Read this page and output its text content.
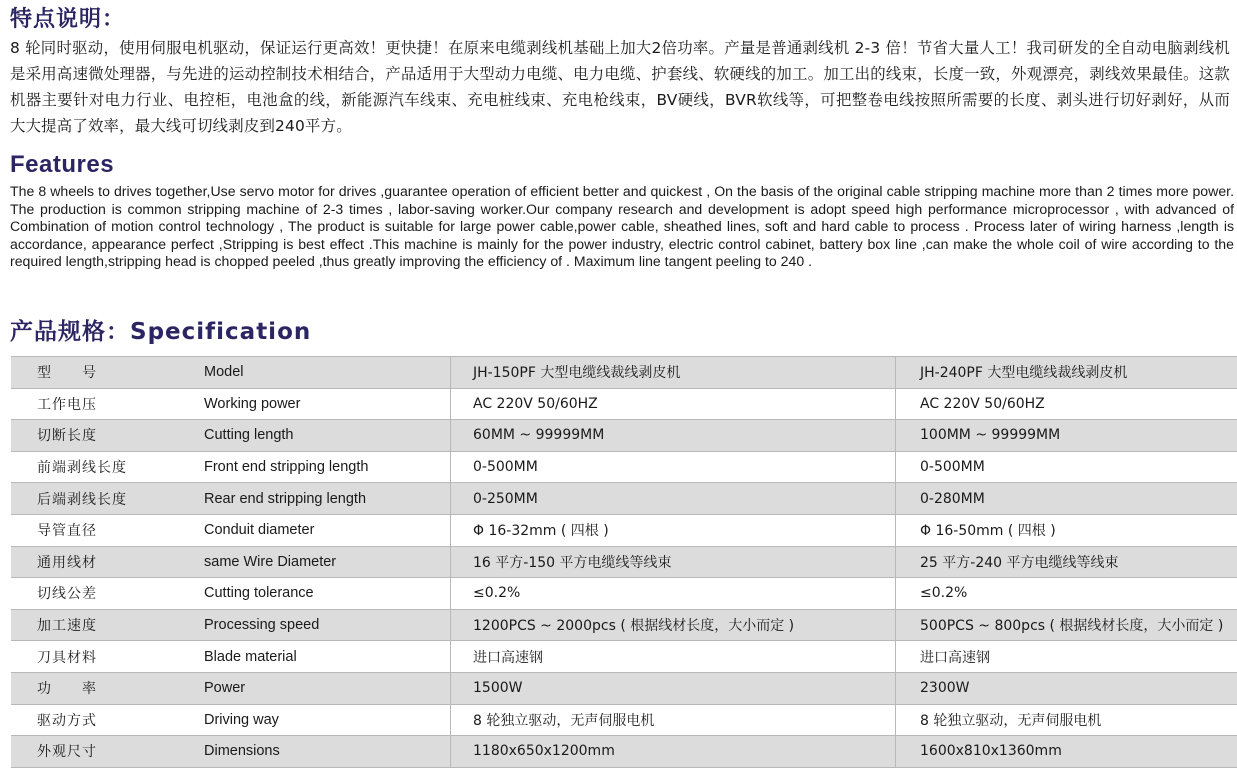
特点说明：
8 轮同时驱动，使用伺服电机驱动，保证运行更高效！更快捷！在原来电缆剥线机基础上加大2倍功率。产量是普通剥线机 2-3 倍！节省大量人工！我司研发的全自动电脑剥线机是采用高速微处理器，与先进的运动控制技术相结合，产品适用于大型动力电缆、电力电缆、护套线、软硬线的加工。加工出的线束，长度一致，外观漂亮，剥线效果最佳。这款机器主要针对电力行业、电控柜，电池盒的线，新能源汽车线束、充电桩线束、充电枪线束，BV硬线，BVR软线等，可把整卷电线按照所需要的长度、剥头进行切好剥好，从而大大提高了效率，最大线可切线剥皮到240平方。
Features
The 8 wheels to drives together,Use servo motor for drives ,guarantee operation of efficient better and quickest , On the basis of the original cable stripping machine more than 2 times more power. The production is common stripping machine of 2-3 times , labor-saving worker.Our company research and development is adopt speed high performance microprocessor , with advanced of Combination of motion control technology , The product is suitable for large power cable,power cable, sheathed lines, soft and hard cable to process . Process later of wiring harness ,length is accordance, appearance perfect ,Stripping is best effect .This machine is mainly for the power industry, electric control cabinet, battery box line ,can make the whole coil of wire according to the required length,stripping head is chopped peeled ,thus greatly improving the efficiency of . Maximum line tangent peeling to 240 .
产品规格：Specification
型　　号	Model	JH-150PF 大型电缆线裁线剥皮机	JH-240PF 大型电缆线裁线剥皮机
工作电压	Working power	AC 220V 50/60HZ	AC 220V 50/60HZ
切断长度	Cutting length	60MM ~ 99999MM	100MM ~ 99999MM
前端剥线长度	Front end stripping length	0-500MM	0-500MM
后端剥线长度	Rear end stripping length	0-250MM	0-280MM
导管直径	Conduit diameter	Φ 16-32mm ( 四根 )	Φ 16-50mm ( 四根 )
通用线材	same Wire Diameter	16 平方-150 平方电缆线等线束	25 平方-240 平方电缆线等线束
切线公差	Cutting tolerance	≤0.2%	≤0.2%
加工速度	Processing speed	1200PCS ~ 2000pcs ( 根据线材长度，大小而定 )	500PCS ~ 800pcs ( 根据线材长度，大小而定 )
刀具材料	Blade material	进口高速钢	进口高速钢
功　　率	Power	1500W	2300W
驱动方式	Driving way	8 轮独立驱动，无声伺服电机	8 轮独立驱动，无声伺服电机
外观尺寸	Dimensions	1180x650x1200mm	1600x810x1360mm
